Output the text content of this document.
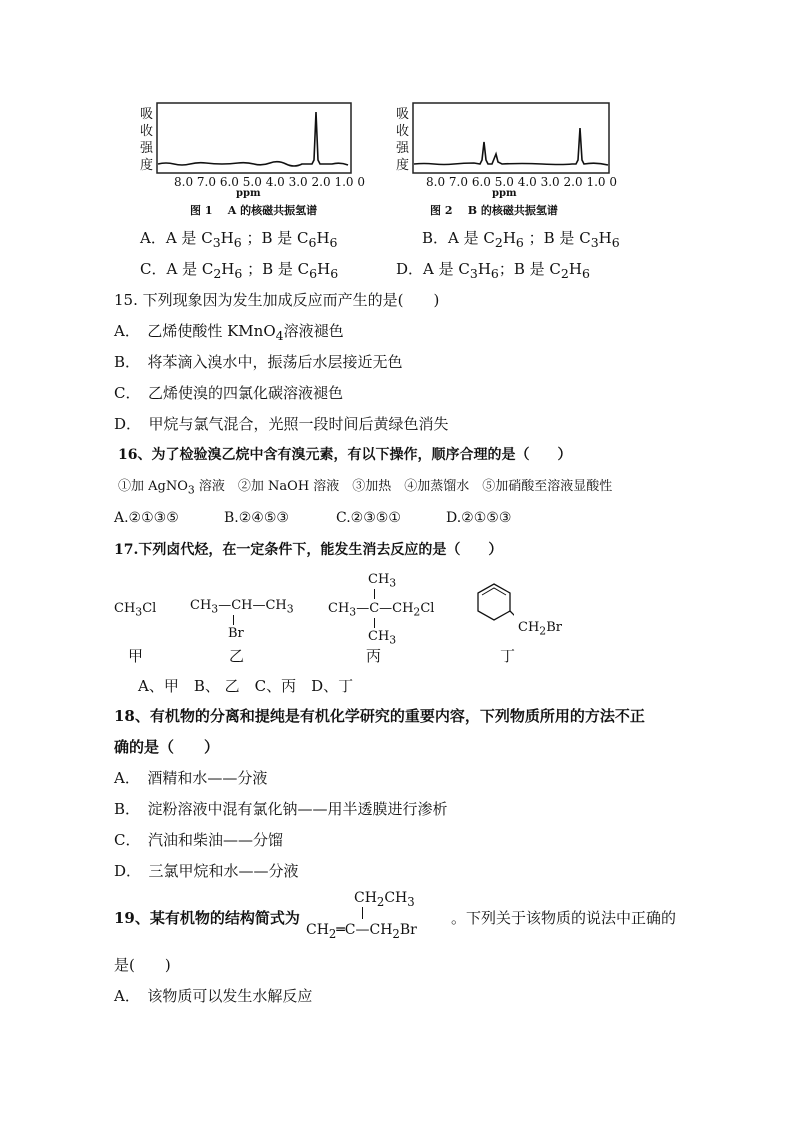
吸
收
强
度
8.0 7.0 6.0 5.0 4.0 3.0 2.0 1.0 0
ppm
图 1    A 的核磁共振氢谱
吸
收
强
度
8.0 7.0 6.0 5.0 4.0 3.0 2.0 1.0 0
ppm
图 2    B 的核磁共振氢谱
A．A 是 $C_3H_6$ ；B 是 $C_6H_6$	B．A 是 $C_2H_6$ ；B 是 $C_3H_6$
C．A 是 $C_2H_6$ ；B 是 $C_6H_6$	D．A 是 $C_3H_6$；B 是 $C_2H_6$
15. 下列现象因为发生加成反应而产生的是(　　)
A．　乙烯使酸性 KMnO$_4$溶液褪色
B．　将苯滴入溴水中，振荡后水层接近无色
C．　乙烯使溴的四氯化碳溶液褪色
D．　甲烷与氯气混合，光照一段时间后黄绿色消失
16、为了检验溴乙烷中含有溴元素，有以下操作，顺序合理的是（　　）
①加 AgNO$_3$ 溶液　②加 NaOH 溶液　③加热　④加蒸馏水　⑤加硝酸至溶液显酸性
A.②①③⑤	B.②④⑤③	C.②③⑤①	D.②①⑤③
17.下列卤代烃，在一定条件下，能发生消去反应的是（　　）
$CH_3Cl$	$CH_3—CH—CH_3$
Br
$CH_3$
$CH_3—C—CH_2Cl$
$CH_3$
$CH_2Br$
甲	乙	丙	丁
A、甲　B、 乙　C、丙　D、丁
18、有机物的分离和提纯是有机化学研究的重要内容，下列物质所用的方法不正
确的是（　　）
A．　酒精和水——分液
B．　淀粉溶液中混有氯化钠——用半透膜进行渗析
C．　汽油和柴油——分馏
D．　三氯甲烷和水——分液
19、某有机物的结构简式为
$CH_2CH_3$
$CH_2═C—CH_2Br$
。下列关于该物质的说法中正确的
是(　　)
A．　该物质可以发生水解反应
